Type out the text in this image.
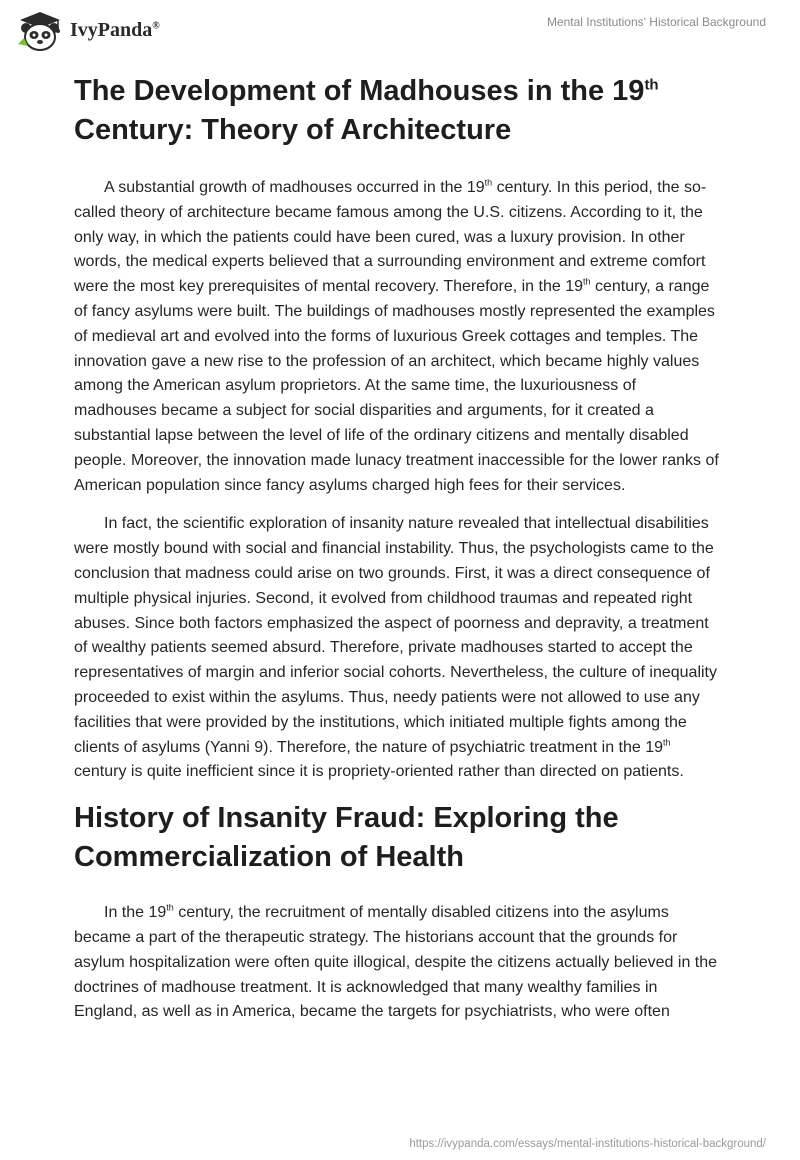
IvyPanda®	Mental Institutions' Historical Background
The Development of Madhouses in the 19th Century: Theory of Architecture

A substantial growth of madhouses occurred in the 19th century. In this period, the so-called theory of architecture became famous among the U.S. citizens. According to it, the only way, in which the patients could have been cured, was a luxury provision. In other words, the medical experts believed that a surrounding environment and extreme comfort were the most key prerequisites of mental recovery. Therefore, in the 19th century, a range of fancy asylums were built. The buildings of madhouses mostly represented the examples of medieval art and evolved into the forms of luxurious Greek cottages and temples. The innovation gave a new rise to the profession of an architect, which became highly values among the American asylum proprietors. At the same time, the luxuriousness of madhouses became a subject for social disparities and arguments, for it created a substantial lapse between the level of life of the ordinary citizens and mentally disabled people. Moreover, the innovation made lunacy treatment inaccessible for the lower ranks of American population since fancy asylums charged high fees for their services.

In fact, the scientific exploration of insanity nature revealed that intellectual disabilities were mostly bound with social and financial instability. Thus, the psychologists came to the conclusion that madness could arise on two grounds. First, it was a direct consequence of multiple physical injuries. Second, it evolved from childhood traumas and repeated right abuses. Since both factors emphasized the aspect of poorness and depravity, a treatment of wealthy patients seemed absurd. Therefore, private madhouses started to accept the representatives of margin and inferior social cohorts. Nevertheless, the culture of inequality proceeded to exist within the asylums. Thus, needy patients were not allowed to use any facilities that were provided by the institutions, which initiated multiple fights among the clients of asylums (Yanni 9). Therefore, the nature of psychiatric treatment in the 19th century is quite inefficient since it is propriety-oriented rather than directed on patients.

History of Insanity Fraud: Exploring the Commercialization of Health

In the 19th century, the recruitment of mentally disabled citizens into the asylums became a part of the therapeutic strategy. The historians account that the grounds for asylum hospitalization were often quite illogical, despite the citizens actually believed in the doctrines of madhouse treatment. It is acknowledged that many wealthy families in England, as well as in America, became the targets for psychiatrists, who were often

https://ivypanda.com/essays/mental-institutions-historical-background/
